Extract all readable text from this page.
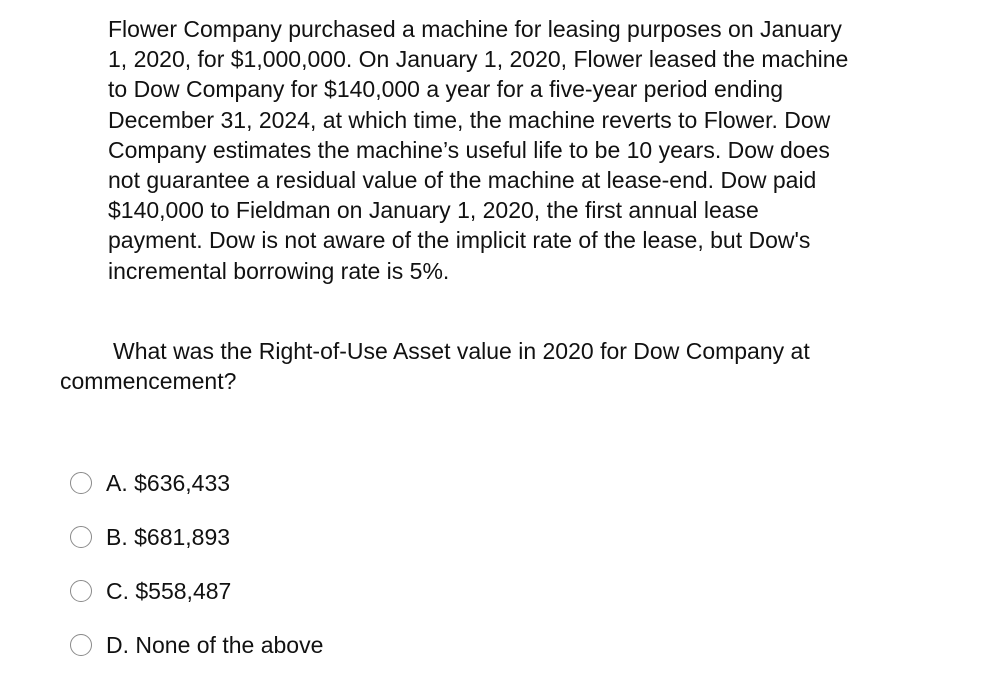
Flower Company purchased a machine for leasing purposes on January
1, 2020, for $1,000,000. On January 1, 2020, Flower leased the machine
to Dow Company for $140,000 a year for a five-year period ending
December 31, 2024, at which time, the machine reverts to Flower. Dow
Company estimates the machine’s useful life to be 10 years. Dow does
not guarantee a residual value of the machine at lease-end. Dow paid
$140,000 to Fieldman on January 1, 2020, the first annual lease
payment. Dow is not aware of the implicit rate of the lease, but Dow's
incremental borrowing rate is 5%.
What was the Right-of-Use Asset value in 2020 for Dow Company at
commencement?
A. $636,433
B. $681,893
C. $558,487
D. None of the above
